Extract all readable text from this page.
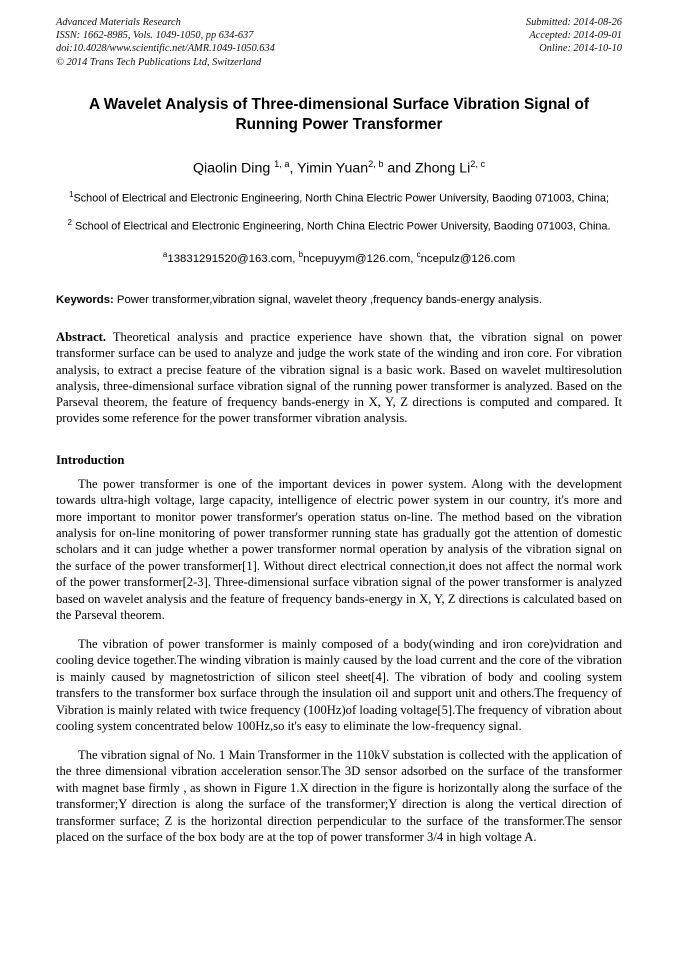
Advanced Materials Research
ISSN: 1662-8985, Vols. 1049-1050, pp 634-637
doi:10.4028/www.scientific.net/AMR.1049-1050.634
© 2014 Trans Tech Publications Ltd, Switzerland
Submitted: 2014-08-26
Accepted: 2014-09-01
Online: 2014-10-10
A Wavelet Analysis of Three-dimensional Surface Vibration Signal of Running Power Transformer
Qiaolin Ding $^{1, a}$, Yimin Yuan$^{2, b}$ and Zhong Li$^{2, c}$
$^1$School of Electrical and Electronic Engineering, North China Electric Power University, Baoding 071003, China;
$^2$ School of Electrical and Electronic Engineering, North China Electric Power University, Baoding 071003, China.
$^a$13831291520@163.com, $^b$ncepuyym@126.com, $^c$ncepulz@126.com
Keywords: Power transformer,vibration signal, wavelet theory ,frequency bands-energy analysis.
Abstract. Theoretical analysis and practice experience have shown that, the vibration signal on power transformer surface can be used to analyze and judge the work state of the winding and iron core. For vibration analysis, to extract a precise feature of the vibration signal is a basic work. Based on wavelet multiresolution analysis, three-dimensional surface vibration signal of the running power transformer is analyzed. Based on the Parseval theorem, the feature of frequency bands-energy in X, Y, Z directions is computed and compared. It provides some reference for the power transformer vibration analysis.
Introduction

The power transformer is one of the important devices in power system. Along with the development towards ultra-high voltage, large capacity, intelligence of electric power system in our country, it's more and more important to monitor power transformer's operation status on-line. The method based on the vibration analysis for on-line monitoring of power transformer running state has gradually got the attention of domestic scholars and it can judge whether a power transformer normal operation by analysis of the vibration signal on the surface of the power transformer[1]. Without direct electrical connection,it does not affect the normal work of the power transformer[2-3]. Three-dimensional surface vibration signal of the power transformer is analyzed based on wavelet analysis and the feature of frequency bands-energy in X, Y, Z directions is calculated based on the Parseval theorem.

The vibration of power transformer is mainly composed of a body(winding and iron core)vidration and cooling device together.The winding vibration is mainly caused by the load current and the core of the vibration is mainly caused by magnetostriction of silicon steel sheet[4]. The vibration of body and cooling system transfers to the transformer box surface through the insulation oil and support unit and others.The frequency of Vibration is mainly related with twice frequency (100Hz)of loading voltage[5].The frequency of vibration about cooling system concentrated below 100Hz,so it's easy to eliminate the low-frequency signal.

The vibration signal of No. 1 Main Transformer in the 110kV substation is collected with the application of the three dimensional vibration acceleration sensor.The 3D sensor adsorbed on the surface of the transformer with magnet base firmly , as shown in Figure 1.X direction in the figure is horizontally along the surface of the transformer;Y direction is along the surface of the transformer;Y direction is along the vertical direction of transformer surface; Z is the horizontal direction perpendicular to the surface of the transformer.The sensor placed on the surface of the box body are at the top of power transformer 3/4 in high voltage A.
